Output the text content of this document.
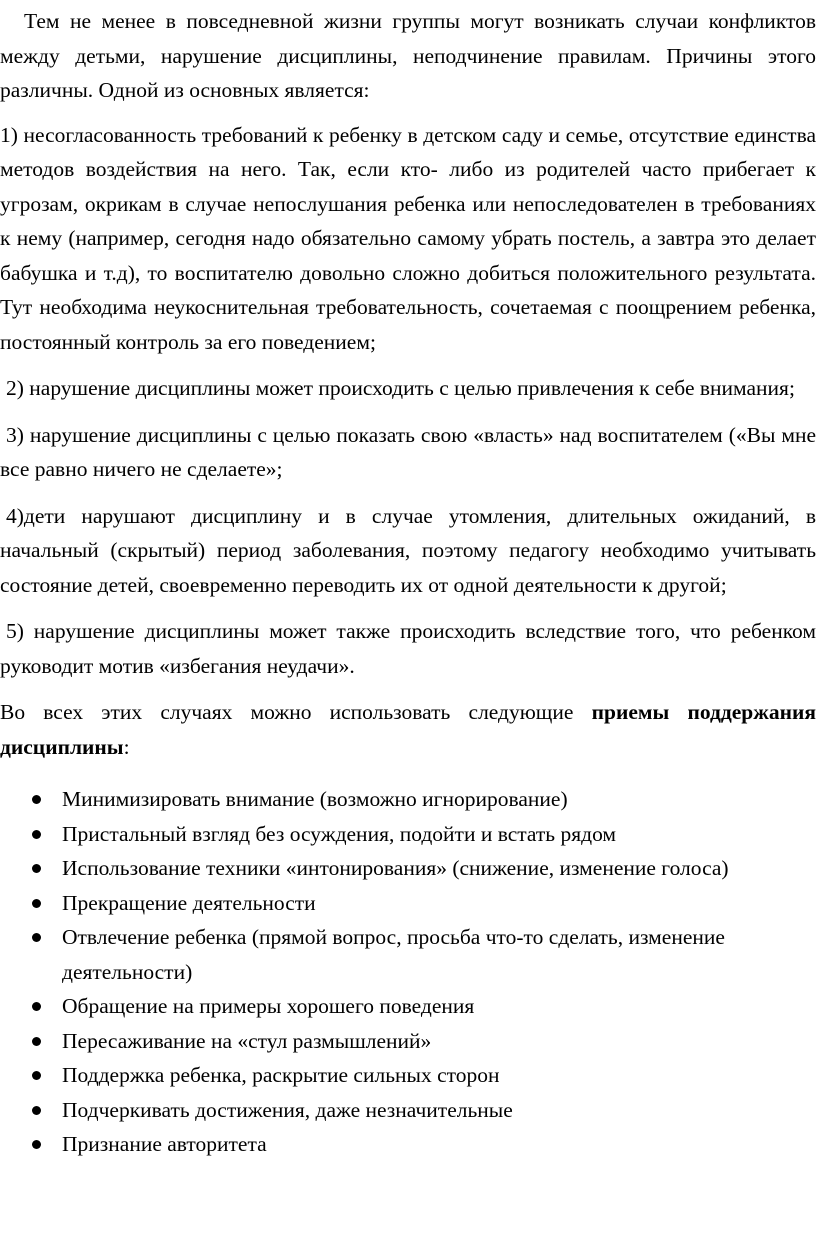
Тем не менее в повседневной жизни группы могут возникать случаи конфликтов между детьми, нарушение дисциплины, неподчинение правилам. Причины этого различны. Одной из основных является:

1) несогласованность требований к ребенку в детском саду и семье, отсутствие единства методов воздействия на него. Так, если кто- либо из родителей часто прибегает к угрозам, окрикам в случае непослушания ребенка или непоследователен в требованиях к нему (например, сегодня надо обязательно самому убрать постель, а завтра это делает бабушка и т.д), то воспитателю довольно сложно добиться положительного результата. Тут необходима неукоснительная требовательность, сочетаемая с поощрением ребенка, постоянный контроль за его поведением;

2) нарушение дисциплины может происходить с целью привлечения к себе внимания;

3) нарушение дисциплины с целью показать свою «власть» над воспитателем («Вы мне все равно ничего не сделаете»;

4)дети нарушают дисциплину и в случае утомления, длительных ожиданий, в начальный (скрытый) период заболевания, поэтому педагогу необходимо учитывать состояние детей, своевременно переводить их от одной деятельности к другой;

5) нарушение дисциплины может также происходить вследствие того, что ребенком руководит мотив «избегания неудачи».

Во всех этих случаях можно использовать следующие приемы поддержания дисциплины:

Минимизировать внимание (возможно игнорирование)
Пристальный взгляд без осуждения, подойти и встать рядом
Использование техники «интонирования» (снижение, изменение голоса)
Прекращение деятельности
Отвлечение ребенка (прямой вопрос, просьба что-то сделать, изменение деятельности)
Обращение на примеры хорошего поведения
Пересаживание на «стул размышлений»
Поддержка ребенка, раскрытие сильных сторон
Подчеркивать достижения, даже незначительные
Признание авторитета
